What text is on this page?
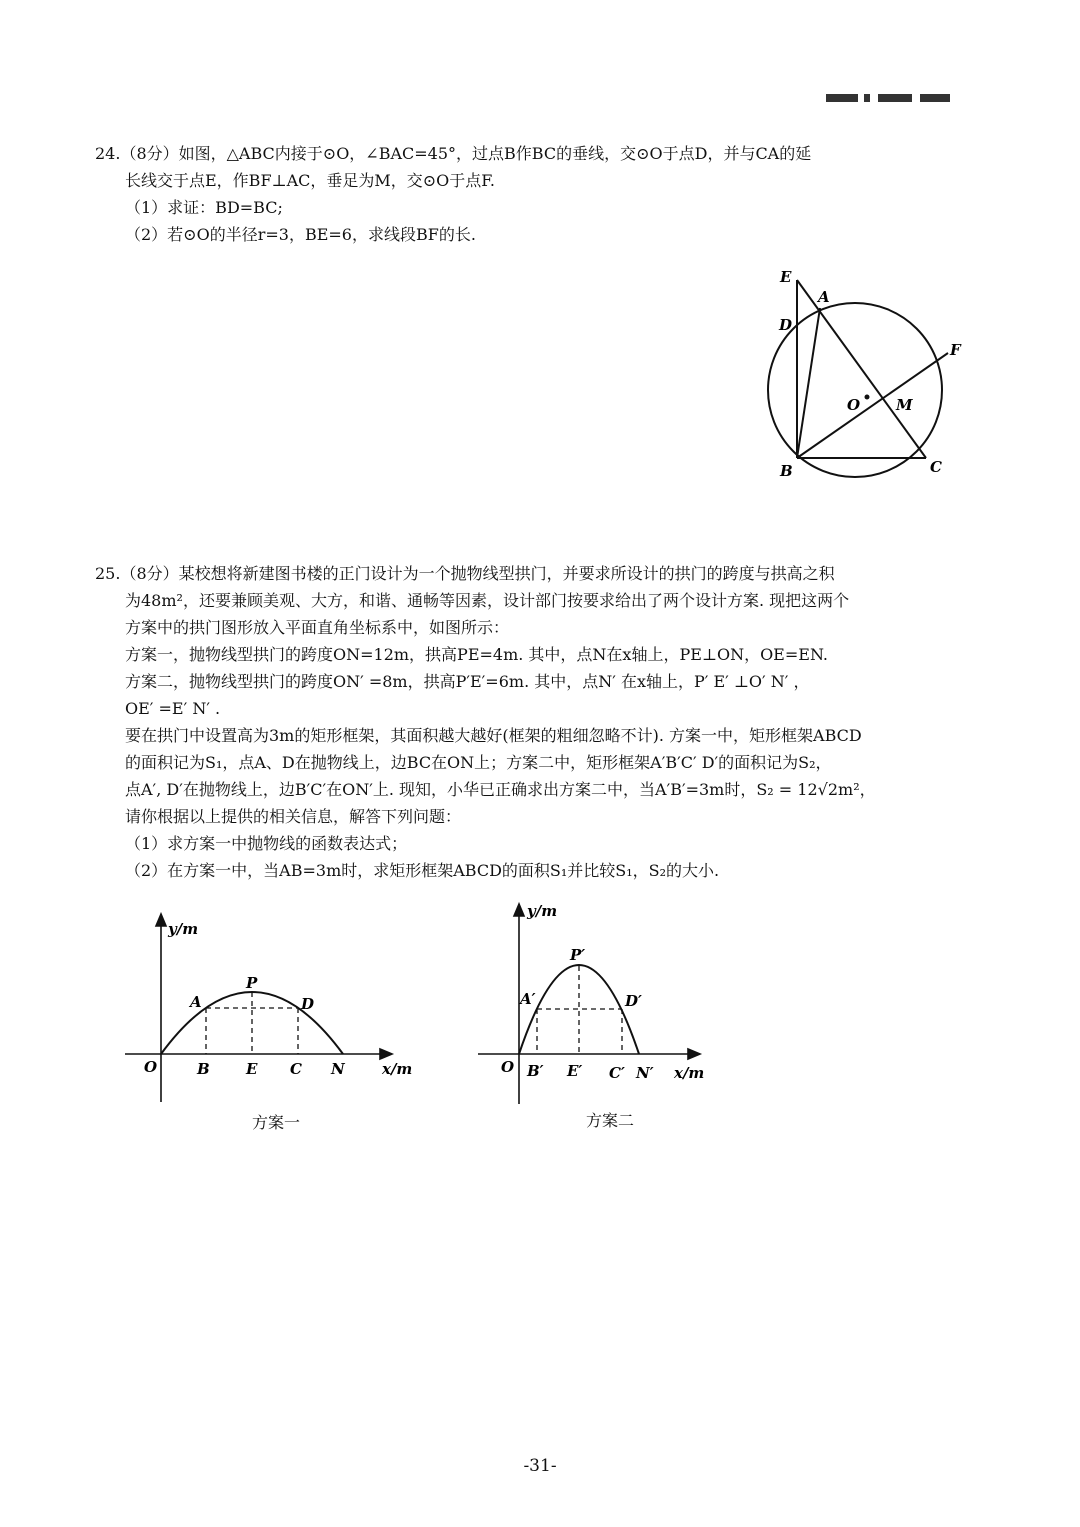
24.（8分）如图，△ABC内接于⊙O，∠BAC=45°，过点B作BC的垂线，交⊙O于点D，并与CA的延

长线交于点E，作BF⊥AC，垂足为M，交⊙O于点F.

（1）求证：BD=BC;

（2）若⊙O的半径r=3，BE=6，求线段BF的长.

E
A
D
F
O M
B	C

25.（8分）某校想将新建图书楼的正门设计为一个抛物线型拱门，并要求所设计的拱门的跨度与拱高之积

为48m²，还要兼顾美观、大方，和谐、通畅等因素，设计部门按要求给出了两个设计方案. 现把这两个

方案中的拱门图形放入平面直角坐标系中，如图所示：

方案一，抛物线型拱门的跨度ON=12m，拱高PE=4m. 其中，点N在x轴上，PE⊥ON，OE=EN.

方案二，抛物线型拱门的跨度ON′ =8m，拱高P′E′=6m. 其中，点N′ 在x轴上，P′ E′ ⊥O′ N′ ，

OE′ =E′ N′ .

要在拱门中设置高为3m的矩形框架，其面积越大越好(框架的粗细忽略不计). 方案一中，矩形框架ABCD

的面积记为S₁，点A、D在抛物线上，边BC在ON上；方案二中，矩形框架A′B′C′ D′的面积记为S₂，

点A′, D′在抛物线上，边B′C′在ON′上. 现知，小华已正确求出方案二中，当A′B′=3m时，S₂ = 12√2m²，

请你根据以上提供的相关信息，解答下列问题：

（1）求方案一中抛物线的函数表达式；

（2）在方案一中，当AB=3m时，求矩形框架ABCD的面积S₁并比较S₁，S₂的大小.

y/m
x/m
O
A
P
D
B E C N
方案一
y/m
x/m
O
A′
P′
D′
B′ E′ C′ N′
方案二
-31-
